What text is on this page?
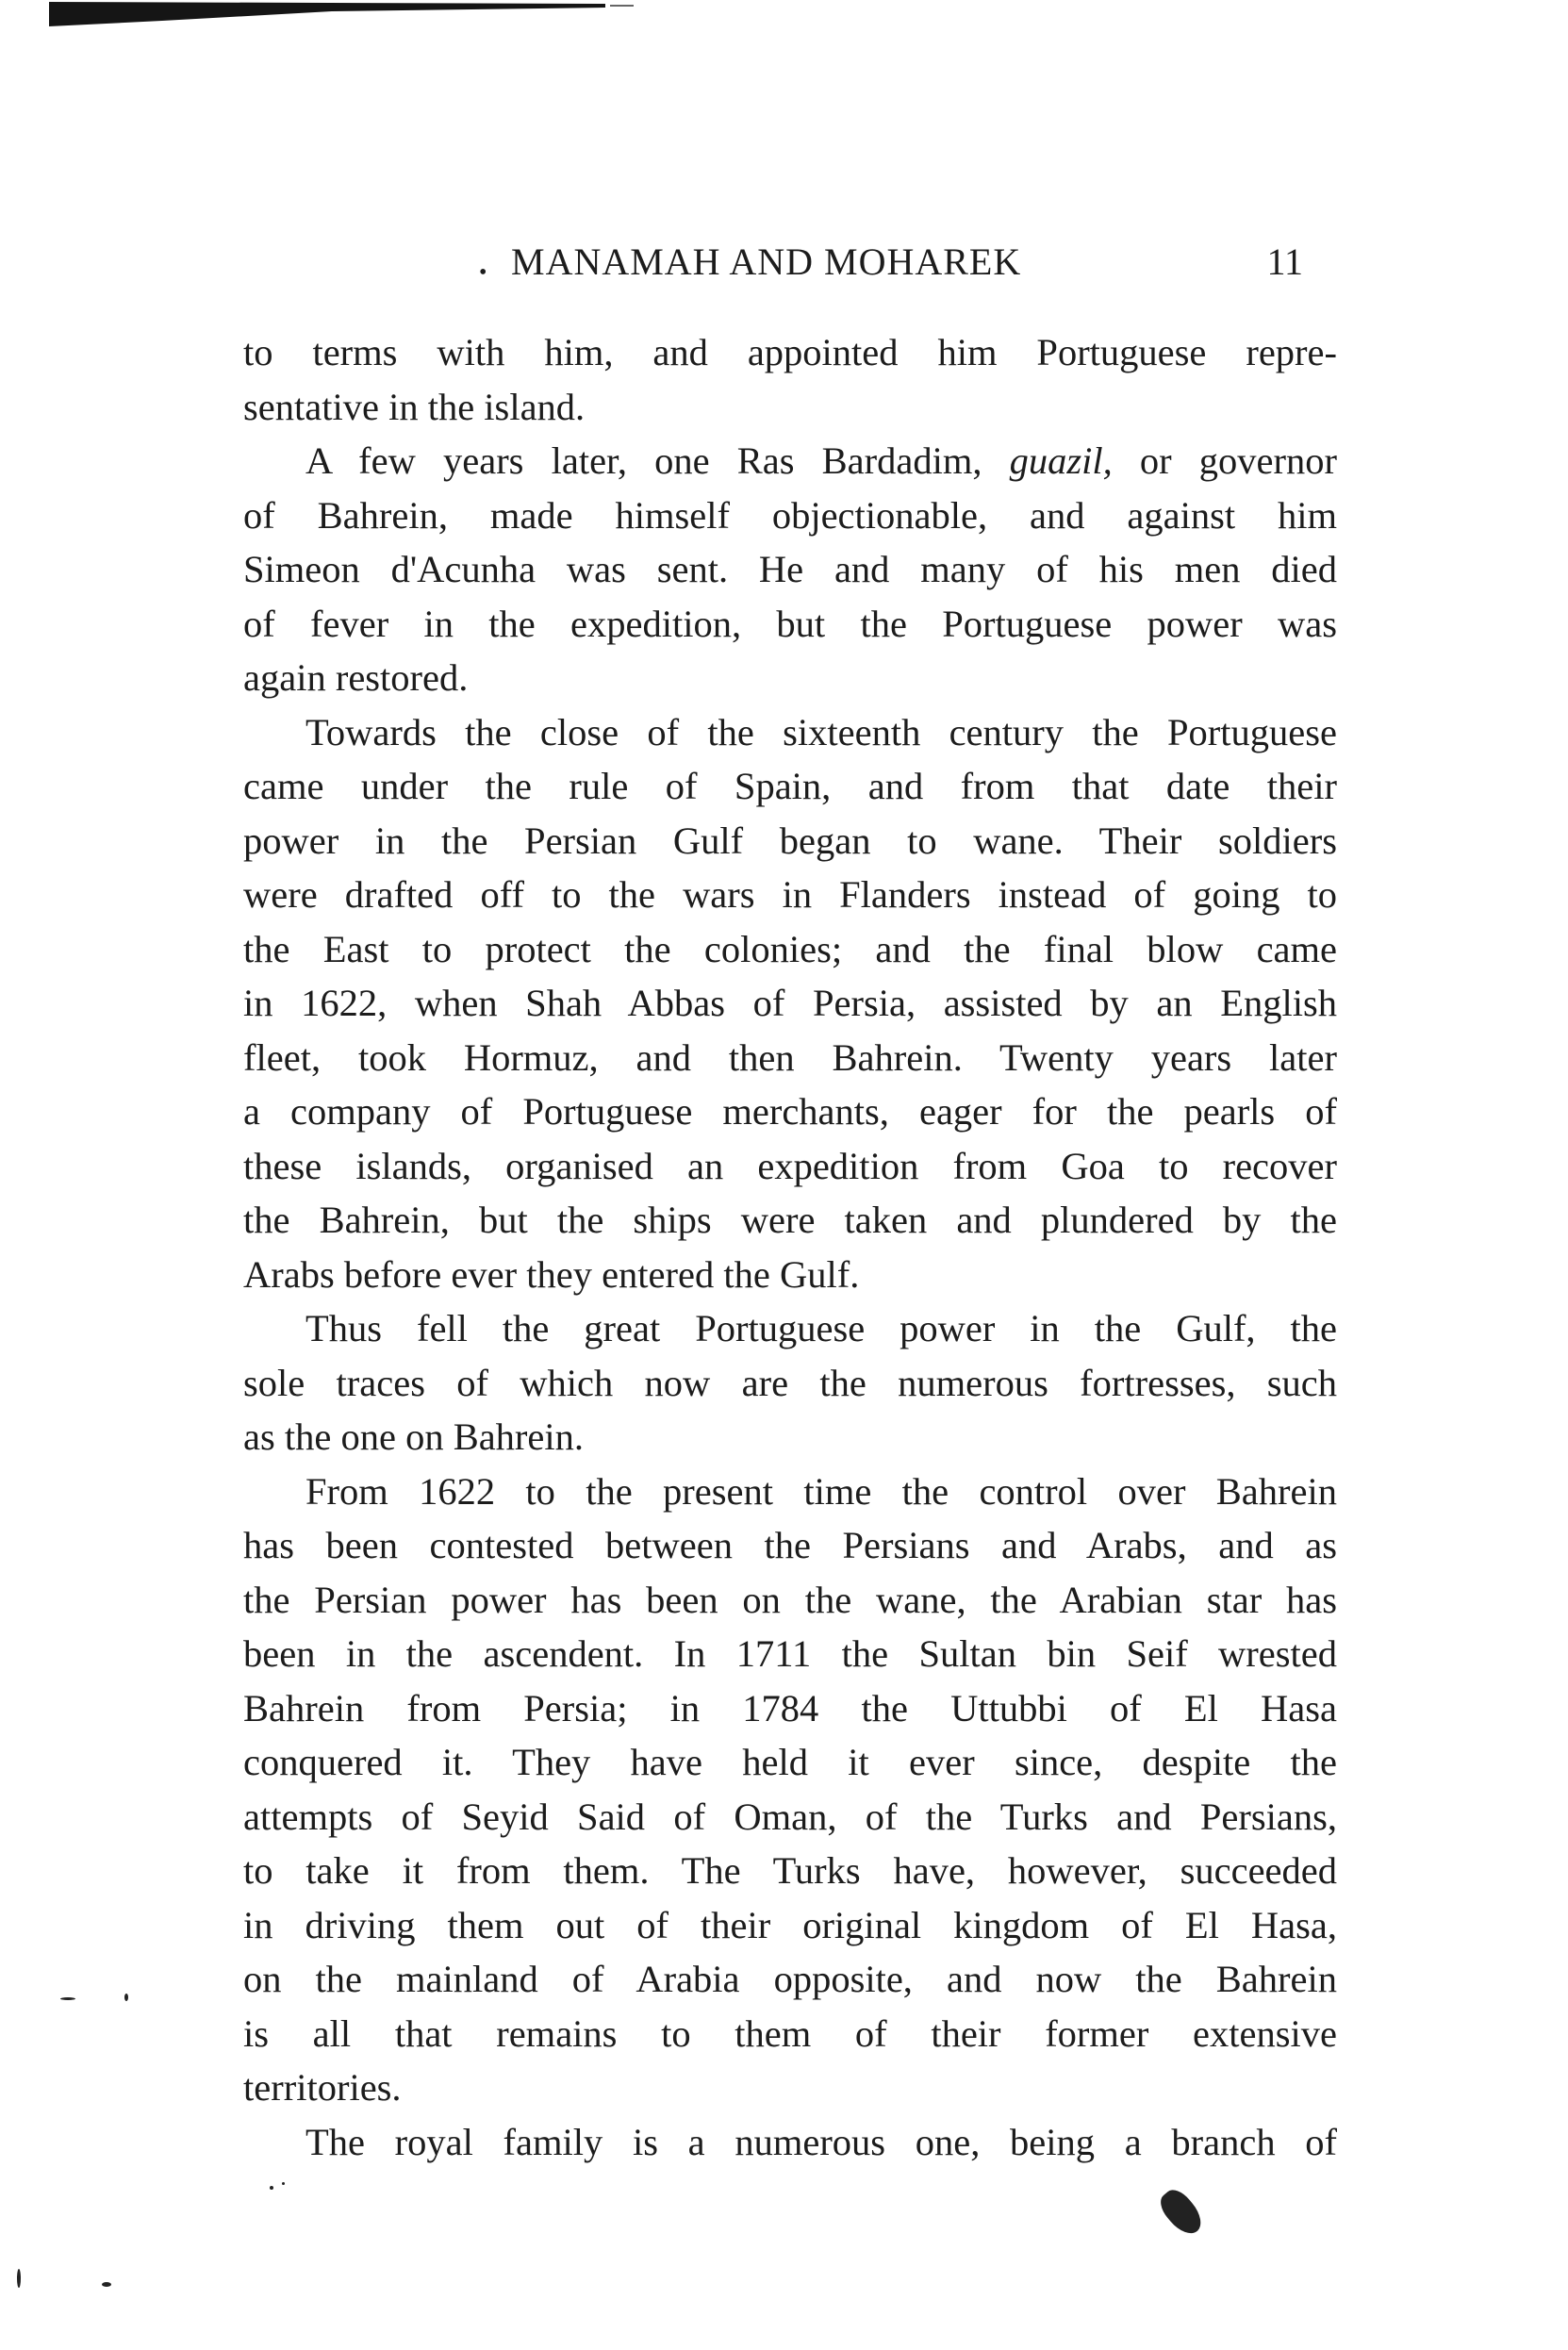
• MANAMAH AND MOHAREK	11
to terms with him, and appointed him Portuguese repre-
sentative in the island.
A few years later, one Ras Bardadim, guazil, or governor
of Bahrein, made himself objectionable, and against him
Simeon d'Acunha was sent. He and many of his men died
of fever in the expedition, but the Portuguese power was
again restored.
Towards the close of the sixteenth century the Portuguese
came under the rule of Spain, and from that date their
power in the Persian Gulf began to wane. Their soldiers
were drafted off to the wars in Flanders instead of going to
the East to protect the colonies; and the final blow came
in 1622, when Shah Abbas of Persia, assisted by an English
fleet, took Hormuz, and then Bahrein. Twenty years later
a company of Portuguese merchants, eager for the pearls of
these islands, organised an expedition from Goa to recover
the Bahrein, but the ships were taken and plundered by the
Arabs before ever they entered the Gulf.
Thus fell the great Portuguese power in the Gulf, the
sole traces of which now are the numerous fortresses, such
as the one on Bahrein.
From 1622 to the present time the control over Bahrein
has been contested between the Persians and Arabs, and as
the Persian power has been on the wane, the Arabian star has
been in the ascendent. In 1711 the Sultan bin Seif wrested
Bahrein from Persia; in 1784 the Uttubbi of El Hasa
conquered it. They have held it ever since, despite the
attempts of Seyid Said of Oman, of the Turks and Persians,
to take it from them. The Turks have, however, succeeded
in driving them out of their original kingdom of El Hasa,
on the mainland of Arabia opposite, and now the Bahrein
is all that remains to them of their former extensive
territories.
The royal family is a numerous one, being a branch of
